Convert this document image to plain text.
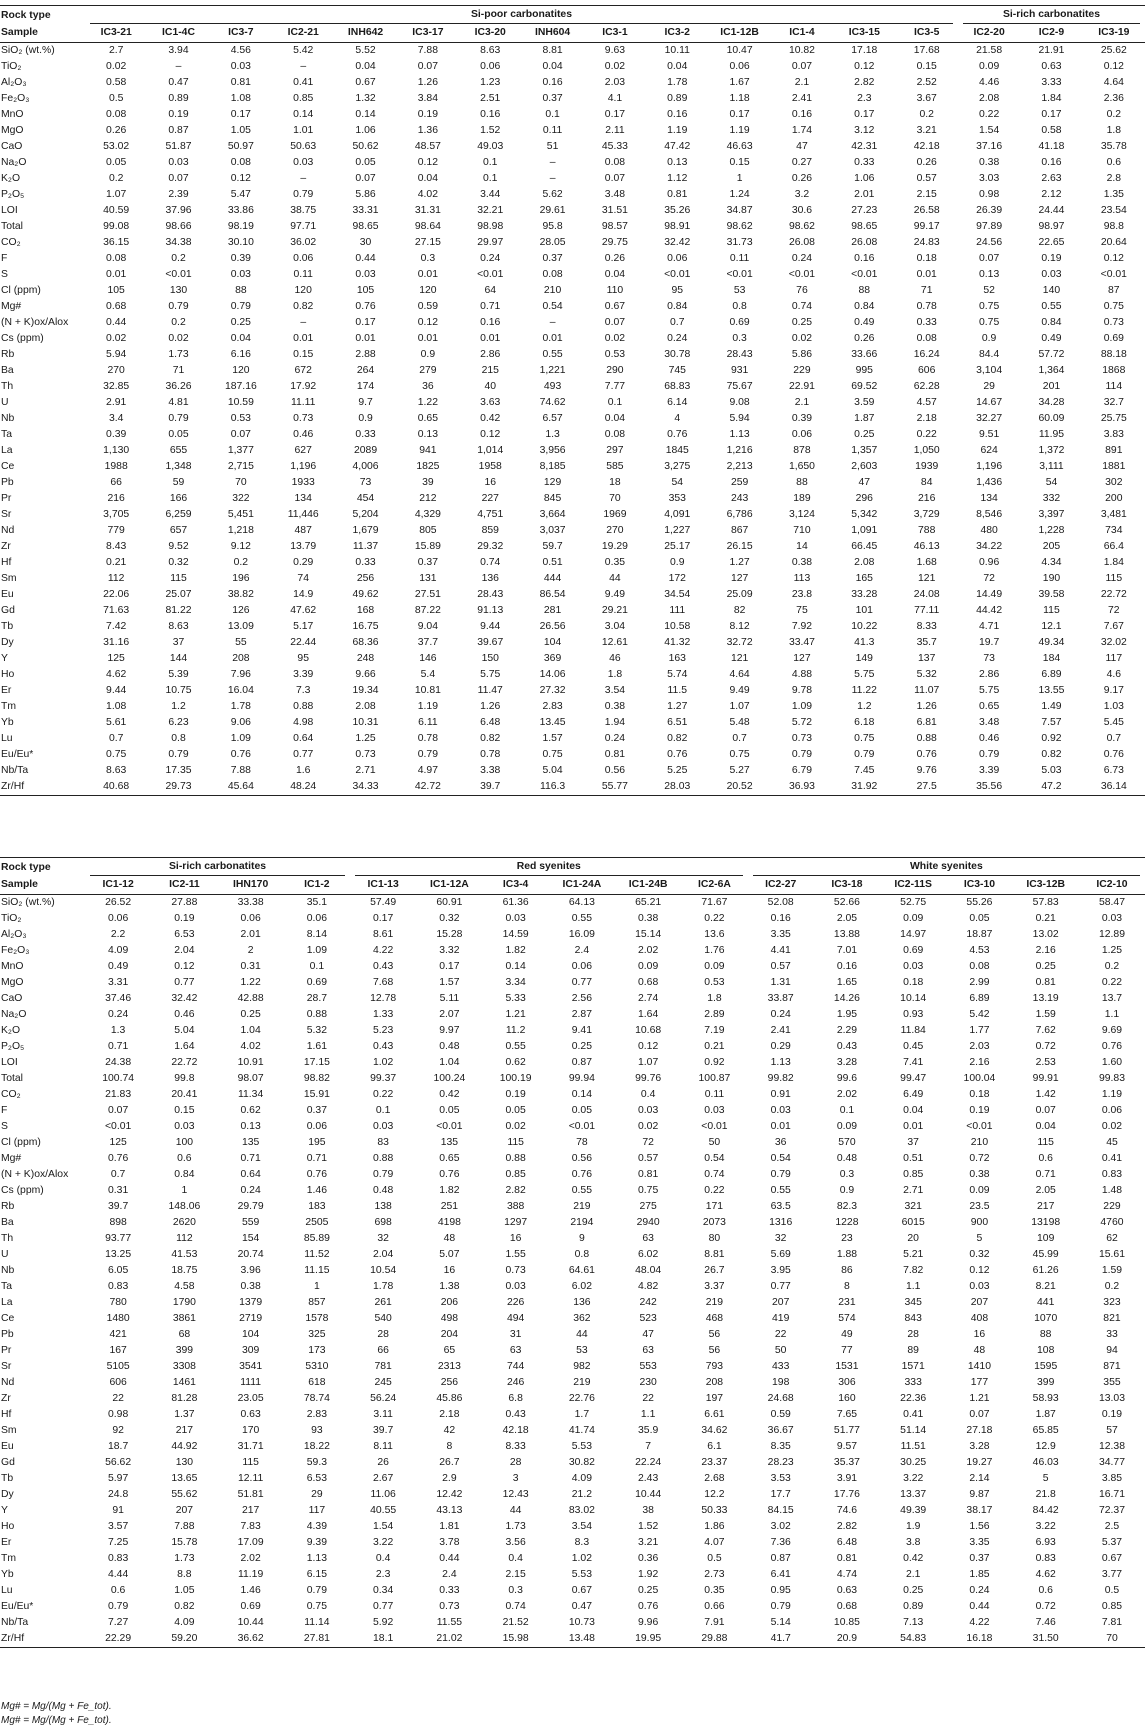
Rock type	Si-poor carbonatites														Si-rich carbonatites		

Sample	IC3-21	IC1-4C	IC3-7	IC2-21	INH642	IC3-17	IC3-20	INH604	IC3-1	IC3-2	IC1-12B	IC1-4	IC3-15	IC3-5	IC2-20	IC2-9	IC3-19
SiO₂ (wt.%)	2.7	3.94	4.56	5.42	5.52	7.88	8.63	8.81	9.63	10.11	10.47	10.82	17.18	17.68	21.58	21.91	25.62
TiO₂	0.02	–	0.03	–	0.04	0.07	0.06	0.04	0.02	0.04	0.06	0.07	0.12	0.15	0.09	0.63	0.12
Al₂O₃	0.58	0.47	0.81	0.41	0.67	1.26	1.23	0.16	2.03	1.78	1.67	2.1	2.82	2.52	4.46	3.33	4.64
Fe₂O₃	0.5	0.89	1.08	0.85	1.32	3.84	2.51	0.37	4.1	0.89	1.18	2.41	2.3	3.67	2.08	1.84	2.36
MnO	0.08	0.19	0.17	0.14	0.14	0.19	0.16	0.1	0.17	0.16	0.17	0.16	0.17	0.2	0.22	0.17	0.2
MgO	0.26	0.87	1.05	1.01	1.06	1.36	1.52	0.11	2.11	1.19	1.19	1.74	3.12	3.21	1.54	0.58	1.8
CaO	53.02	51.87	50.97	50.63	50.62	48.57	49.03	51	45.33	47.42	46.63	47	42.31	42.18	37.16	41.18	35.78
Na₂O	0.05	0.03	0.08	0.03	0.05	0.12	0.1	–	0.08	0.13	0.15	0.27	0.33	0.26	0.38	0.16	0.6
K₂O	0.2	0.07	0.12	–	0.07	0.04	0.1	–	0.07	1.12	1	0.26	1.06	0.57	3.03	2.63	2.8
P₂O₅	1.07	2.39	5.47	0.79	5.86	4.02	3.44	5.62	3.48	0.81	1.24	3.2	2.01	2.15	0.98	2.12	1.35
LOI	40.59	37.96	33.86	38.75	33.31	31.31	32.21	29.61	31.51	35.26	34.87	30.6	27.23	26.58	26.39	24.44	23.54
Total	99.08	98.66	98.19	97.71	98.65	98.64	98.98	95.8	98.57	98.91	98.62	98.62	98.65	99.17	97.89	98.97	98.8
CO₂	36.15	34.38	30.10	36.02	30	27.15	29.97	28.05	29.75	32.42	31.73	26.08	26.08	24.83	24.56	22.65	20.64
F	0.08	0.2	0.39	0.06	0.44	0.3	0.24	0.37	0.26	0.06	0.11	0.24	0.16	0.18	0.07	0.19	0.12
S	0.01	<0.01	0.03	0.11	0.03	0.01	<0.01	0.08	0.04	<0.01	<0.01	<0.01	<0.01	0.01	0.13	0.03	<0.01
Cl (ppm)	105	130	88	120	105	120	64	210	110	95	53	76	88	71	52	140	87
Mg#	0.68	0.79	0.79	0.82	0.76	0.59	0.71	0.54	0.67	0.84	0.8	0.74	0.84	0.78	0.75	0.55	0.75
(N + K)ox/Alox	0.44	0.2	0.25	–	0.17	0.12	0.16	–	0.07	0.7	0.69	0.25	0.49	0.33	0.75	0.84	0.73
Cs (ppm)	0.02	0.02	0.04	0.01	0.01	0.01	0.01	0.01	0.02	0.24	0.3	0.02	0.26	0.08	0.9	0.49	0.69
Rb	5.94	1.73	6.16	0.15	2.88	0.9	2.86	0.55	0.53	30.78	28.43	5.86	33.66	16.24	84.4	57.72	88.18
Ba	270	71	120	672	264	279	215	1,221	290	745	931	229	995	606	3,104	1,364	1868
Th	32.85	36.26	187.16	17.92	174	36	40	493	7.77	68.83	75.67	22.91	69.52	62.28	29	201	114
U	2.91	4.81	10.59	11.11	9.7	1.22	3.63	74.62	0.1	6.14	9.08	2.1	3.59	4.57	14.67	34.28	32.7
Nb	3.4	0.79	0.53	0.73	0.9	0.65	0.42	6.57	0.04	4	5.94	0.39	1.87	2.18	32.27	60.09	25.75
Ta	0.39	0.05	0.07	0.46	0.33	0.13	0.12	1.3	0.08	0.76	1.13	0.06	0.25	0.22	9.51	11.95	3.83
La	1,130	655	1,377	627	2089	941	1,014	3,956	297	1845	1,216	878	1,357	1,050	624	1,372	891
Ce	1988	1,348	2,715	1,196	4,006	1825	1958	8,185	585	3,275	2,213	1,650	2,603	1939	1,196	3,111	1881
Pb	66	59	70	1933	73	39	16	129	18	54	259	88	47	84	1,436	54	302
Pr	216	166	322	134	454	212	227	845	70	353	243	189	296	216	134	332	200
Sr	3,705	6,259	5,451	11,446	5,204	4,329	4,751	3,664	1969	4,091	6,786	3,124	5,342	3,729	8,546	3,397	3,481
Nd	779	657	1,218	487	1,679	805	859	3,037	270	1,227	867	710	1,091	788	480	1,228	734
Zr	8.43	9.52	9.12	13.79	11.37	15.89	29.32	59.7	19.29	25.17	26.15	14	66.45	46.13	34.22	205	66.4
Hf	0.21	0.32	0.2	0.29	0.33	0.37	0.74	0.51	0.35	0.9	1.27	0.38	2.08	1.68	0.96	4.34	1.84
Sm	112	115	196	74	256	131	136	444	44	172	127	113	165	121	72	190	115
Eu	22.06	25.07	38.82	14.9	49.62	27.51	28.43	86.54	9.49	34.54	25.09	23.8	33.28	24.08	14.49	39.58	22.72
Gd	71.63	81.22	126	47.62	168	87.22	91.13	281	29.21	111	82	75	101	77.11	44.42	115	72
Tb	7.42	8.63	13.09	5.17	16.75	9.04	9.44	26.56	3.04	10.58	8.12	7.92	10.22	8.33	4.71	12.1	7.67
Dy	31.16	37	55	22.44	68.36	37.7	39.67	104	12.61	41.32	32.72	33.47	41.3	35.7	19.7	49.34	32.02
Y	125	144	208	95	248	146	150	369	46	163	121	127	149	137	73	184	117
Ho	4.62	5.39	7.96	3.39	9.66	5.4	5.75	14.06	1.8	5.74	4.64	4.88	5.75	5.32	2.86	6.89	4.6
Er	9.44	10.75	16.04	7.3	19.34	10.81	11.47	27.32	3.54	11.5	9.49	9.78	11.22	11.07	5.75	13.55	9.17
Tm	1.08	1.2	1.78	0.88	2.08	1.19	1.26	2.83	0.38	1.27	1.07	1.09	1.2	1.26	0.65	1.49	1.03
Yb	5.61	6.23	9.06	4.98	10.31	6.11	6.48	13.45	1.94	6.51	5.48	5.72	6.18	6.81	3.48	7.57	5.45
Lu	0.7	0.8	1.09	0.64	1.25	0.78	0.82	1.57	0.24	0.82	0.7	0.73	0.75	0.88	0.46	0.92	0.7
Eu/Eu*	0.75	0.79	0.76	0.77	0.73	0.79	0.78	0.75	0.81	0.76	0.75	0.79	0.79	0.76	0.79	0.82	0.76
Nb/Ta	8.63	17.35	7.88	1.6	2.71	4.97	3.38	5.04	0.56	5.25	5.27	6.79	7.45	9.76	3.39	5.03	6.73
Zr/Hf	40.68	29.73	45.64	48.24	34.33	42.72	39.7	116.3	55.77	28.03	20.52	36.93	31.92	27.5	35.56	47.2	36.14
Rock type	Si-rich carbonatites				Red syenites						White syenites					

Sample	IC1-12	IC2-11	IHN170	IC1-2	IC1-13	IC1-12A	IC3-4	IC1-24A	IC1-24B	IC2-6A	IC2-27	IC3-18	IC2-11S	IC3-10	IC3-12B	IC2-10
SiO₂ (wt.%)	26.52	27.88	33.38	35.1	57.49	60.91	61.36	64.13	65.21	71.67	52.08	52.66	52.75	55.26	57.83	58.47
TiO₂	0.06	0.19	0.06	0.06	0.17	0.32	0.03	0.55	0.38	0.22	0.16	2.05	0.09	0.05	0.21	0.03
Al₂O₃	2.2	6.53	2.01	8.14	8.61	15.28	14.59	16.09	15.14	13.6	3.35	13.88	14.97	18.87	13.02	12.89
Fe₂O₃	4.09	2.04	2	1.09	4.22	3.32	1.82	2.4	2.02	1.76	4.41	7.01	0.69	4.53	2.16	1.25
MnO	0.49	0.12	0.31	0.1	0.43	0.17	0.14	0.06	0.09	0.09	0.57	0.16	0.03	0.08	0.25	0.2
MgO	3.31	0.77	1.22	0.69	7.68	1.57	3.34	0.77	0.68	0.53	1.31	1.65	0.18	2.99	0.81	0.22
CaO	37.46	32.42	42.88	28.7	12.78	5.11	5.33	2.56	2.74	1.8	33.87	14.26	10.14	6.89	13.19	13.7
Na₂O	0.24	0.46	0.25	0.88	1.33	2.07	1.21	2.87	1.64	2.89	0.24	1.95	0.93	5.42	1.59	1.1
K₂O	1.3	5.04	1.04	5.32	5.23	9.97	11.2	9.41	10.68	7.19	2.41	2.29	11.84	1.77	7.62	9.69
P₂O₅	0.71	1.64	4.02	1.61	0.43	0.48	0.55	0.25	0.12	0.21	0.29	0.43	0.45	2.03	0.72	0.76
LOI	24.38	22.72	10.91	17.15	1.02	1.04	0.62	0.87	1.07	0.92	1.13	3.28	7.41	2.16	2.53	1.60
Total	100.74	99.8	98.07	98.82	99.37	100.24	100.19	99.94	99.76	100.87	99.82	99.6	99.47	100.04	99.91	99.83
CO₂	21.83	20.41	11.34	15.91	0.22	0.42	0.19	0.14	0.4	0.11	0.91	2.02	6.49	0.18	1.42	1.19
F	0.07	0.15	0.62	0.37	0.1	0.05	0.05	0.05	0.03	0.03	0.03	0.1	0.04	0.19	0.07	0.06
S	<0.01	0.03	0.13	0.06	0.03	<0.01	0.02	<0.01	0.02	<0.01	0.01	0.09	0.01	<0.01	0.04	0.02
Cl (ppm)	125	100	135	195	83	135	115	78	72	50	36	570	37	210	115	45
Mg#	0.76	0.6	0.71	0.71	0.88	0.65	0.88	0.56	0.57	0.54	0.54	0.48	0.51	0.72	0.6	0.41
(N + K)ox/Alox	0.7	0.84	0.64	0.76	0.79	0.76	0.85	0.76	0.81	0.74	0.79	0.3	0.85	0.38	0.71	0.83
Cs (ppm)	0.31	1	0.24	1.46	0.48	1.82	2.82	0.55	0.75	0.22	0.55	0.9	2.71	0.09	2.05	1.48
Rb	39.7	148.06	29.79	183	138	251	388	219	275	171	63.5	82.3	321	23.5	217	229
Ba	898	2620	559	2505	698	4198	1297	2194	2940	2073	1316	1228	6015	900	13198	4760
Th	93.77	112	154	85.89	32	48	16	9	63	80	32	23	20	5	109	62
U	13.25	41.53	20.74	11.52	2.04	5.07	1.55	0.8	6.02	8.81	5.69	1.88	5.21	0.32	45.99	15.61
Nb	6.05	18.75	3.96	11.15	10.54	16	0.73	64.61	48.04	26.7	3.95	86	7.82	0.12	61.26	1.59
Ta	0.83	4.58	0.38	1	1.78	1.38	0.03	6.02	4.82	3.37	0.77	8	1.1	0.03	8.21	0.2
La	780	1790	1379	857	261	206	226	136	242	219	207	231	345	207	441	323
Ce	1480	3861	2719	1578	540	498	494	362	523	468	419	574	843	408	1070	821
Pb	421	68	104	325	28	204	31	44	47	56	22	49	28	16	88	33
Pr	167	399	309	173	66	65	63	53	63	56	50	77	89	48	108	94
Sr	5105	3308	3541	5310	781	2313	744	982	553	793	433	1531	1571	1410	1595	871
Nd	606	1461	1111	618	245	256	246	219	230	208	198	306	333	177	399	355
Zr	22	81.28	23.05	78.74	56.24	45.86	6.8	22.76	22	197	24.68	160	22.36	1.21	58.93	13.03
Hf	0.98	1.37	0.63	2.83	3.11	2.18	0.43	1.7	1.1	6.61	0.59	7.65	0.41	0.07	1.87	0.19
Sm	92	217	170	93	39.7	42	42.18	41.74	35.9	34.62	36.67	51.77	51.14	27.18	65.85	57
Eu	18.7	44.92	31.71	18.22	8.11	8	8.33	5.53	7	6.1	8.35	9.57	11.51	3.28	12.9	12.38
Gd	56.62	130	115	59.3	26	26.7	28	30.82	22.24	23.37	28.23	35.37	30.25	19.27	46.03	34.77
Tb	5.97	13.65	12.11	6.53	2.67	2.9	3	4.09	2.43	2.68	3.53	3.91	3.22	2.14	5	3.85
Dy	24.8	55.62	51.81	29	11.06	12.42	12.43	21.2	10.44	12.2	17.7	17.76	13.37	9.87	21.8	16.71
Y	91	207	217	117	40.55	43.13	44	83.02	38	50.33	84.15	74.6	49.39	38.17	84.42	72.37
Ho	3.57	7.88	7.83	4.39	1.54	1.81	1.73	3.54	1.52	1.86	3.02	2.82	1.9	1.56	3.22	2.5
Er	7.25	15.78	17.09	9.39	3.22	3.78	3.56	8.3	3.21	4.07	7.36	6.48	3.8	3.35	6.93	5.37
Tm	0.83	1.73	2.02	1.13	0.4	0.44	0.4	1.02	0.36	0.5	0.87	0.81	0.42	0.37	0.83	0.67
Yb	4.44	8.8	11.19	6.15	2.3	2.4	2.15	5.53	1.92	2.73	6.41	4.74	2.1	1.85	4.62	3.77
Lu	0.6	1.05	1.46	0.79	0.34	0.33	0.3	0.67	0.25	0.35	0.95	0.63	0.25	0.24	0.6	0.5
Eu/Eu*	0.79	0.82	0.69	0.75	0.77	0.73	0.74	0.47	0.76	0.66	0.79	0.68	0.89	0.44	0.72	0.85
Nb/Ta	7.27	4.09	10.44	11.14	5.92	11.55	21.52	10.73	9.96	7.91	5.14	10.85	7.13	4.22	7.46	7.81
Zr/Hf	22.29	59.20	36.62	27.81	18.1	21.02	15.98	13.48	19.95	29.88	41.7	20.9	54.83	16.18	31.50	70
Mg# = Mg/(Mg + Fe_tot).
Mg# = Mg/(Mg + Fe_tot).
